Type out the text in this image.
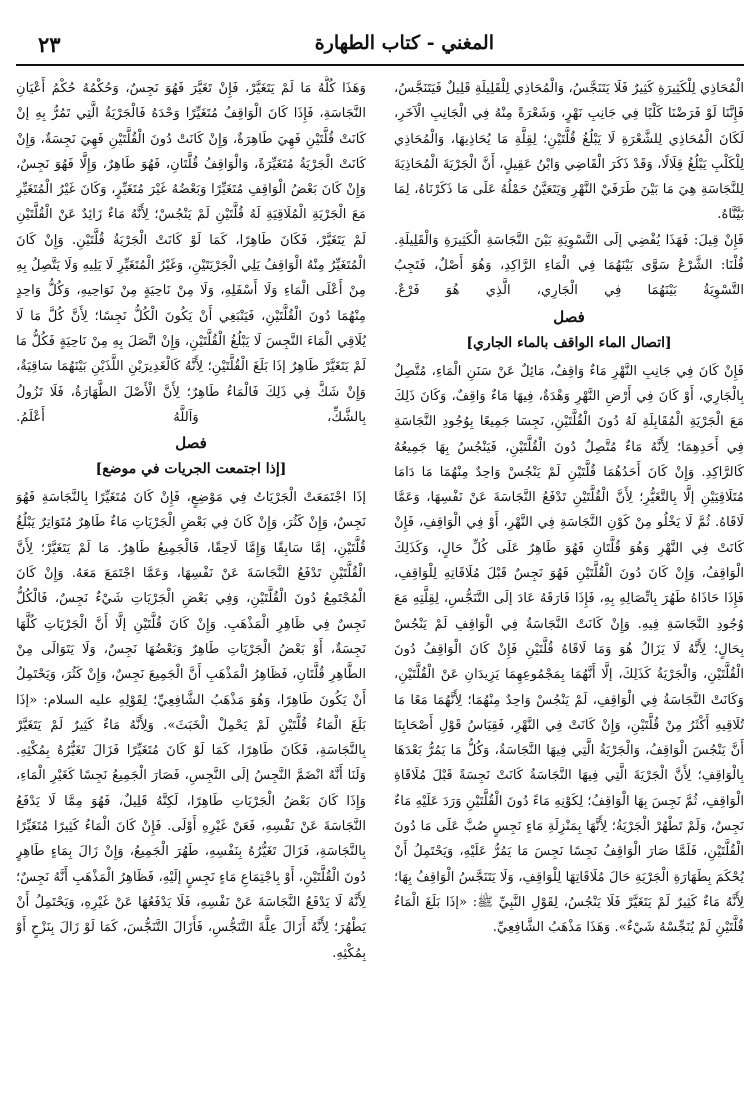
المغني - كتاب الطهارة
٢٣

الْمُحَاذِي لِلْكَثِيرَةِ كَثِيرٌ فَلَا يَتَنَجَّسُ، وَالْمُحَاذِي لِلْقَلِيلَةِ قَلِيلٌ فَيَتَنَجَّسُ، فَإِنَّنَا لَوْ فَرَضْنَا كَلْبًا فِي جَانِبِ نَهْرٍ، وَشَعْرَةً مِنْهُ فِي الْجَانِبِ الْآخَرِ، لَكَانَ الْمُحَاذِي لِلشَّعْرَةِ لَا يَبْلُغُ قُلَّتَيْنِ؛ لِقِلَّةِ مَا يُحَاذِيهَا، وَالْمُحَاذِي لِلْكَلْبِ يَبْلُغُ قِلَالًا، وَقَدْ ذَكَرَ الْقَاضِي وَابْنُ عَقِيلٍ، أَنَّ الْجَرْيَةَ الْمُحَاذِيَةَ لِلنَّجَاسَةِ هِيَ مَا بَيْنَ طَرَفَيْ النَّهْرِ وَيَتَعَيَّنُ حَمْلُهُ عَلَى مَا ذَكَرْنَاهُ، لِمَا بَيَّنَّاهُ.

فَإِنْ قِيلَ: فَهَذَا يُفْضِي إلَى التَّسْوِيَةِ بَيْنَ النَّجَاسَةِ الْكَثِيرَةِ وَالْقَلِيلَةِ. قُلْنَا: الشَّرْعُ سَوَّى بَيْنَهُمَا فِي الْمَاءِ الرَّاكِدِ، وَهُوَ أَصْلٌ، فَتَجِبُ التَّسْوِيَةُ بَيْنَهُمَا فِي الْجَارِي، الَّذِي هُوَ فَرْعٌ.

فصل
[اتصال الماء الواقف بالماء الجاري]

فَإِنْ كَانَ فِي جَانِبِ النَّهْرِ مَاءٌ وَاقِفٌ، مَائِلٌ عَنْ سَنَنِ الْمَاءِ، مُتَّصِلٌ بِالْجَارِي، أَوْ كَانَ فِي أَرْضِ النَّهْرِ وَهْدَةٌ، فِيهَا مَاءٌ وَاقِفٌ، وَكَانَ ذَلِكَ مَعَ الْجَرْيَةِ الْمُقَابِلَةِ لَهُ دُونَ الْقُلَّتَيْنِ، نَجِسَا جَمِيعًا بِوُجُودِ النَّجَاسَةِ فِي أَحَدِهِمَا؛ لِأَنَّهُ مَاءٌ مُتَّصِلٌ دُونَ الْقُلَّتَيْنِ، فَيَنْجُسُ بِهَا جَمِيعُهُ كَالرَّاكِدِ. وَإِنْ كَانَ أَحَدُهُمَا قُلَّتَيْنِ لَمْ يَنْجُسْ وَاحِدٌ مِنْهُمَا مَا دَامَا مُتَلَاقِيَيْنِ إلَّا بِالتَّغَيُّرِ؛ لِأَنَّ الْقُلَّتَيْنِ تَدْفَعُ النَّجَاسَةَ عَنْ نَفْسِهَا، وَعَمَّا لَاقَاهُ. ثُمَّ لَا يَخْلُو مِنْ كَوْنِ النَّجَاسَةِ فِي النَّهْرِ، أَوْ فِي الْوَاقِفِ، فَإِنْ كَانَتْ فِي النَّهْرِ وَهُوَ قُلَّتَانِ فَهُوَ طَاهِرٌ عَلَى كُلِّ حَالٍ، وَكَذَلِكَ الْوَاقِفُ، وَإِنْ كَانَ دُونَ الْقُلَّتَيْنِ فَهُوَ نَجِسٌ قَبْلَ مُلَاقَاتِهِ لِلْوَاقِفِ، فَإِذَا حَاذَاهُ طَهُرَ بِاتِّصَالِهِ بِهِ، فَإِذَا فَارَقَهُ عَادَ إلَى التَّنَجُّسِ، لِقِلَّتِهِ مَعَ وُجُودِ النَّجَاسَةِ فِيهِ. وَإِنْ كَانَتْ النَّجَاسَةُ فِي الْوَاقِفِ لَمْ يَنْجُسْ بِحَالٍ؛ لِأَنَّهُ لَا يَزَالُ هُوَ وَمَا لَاقَاهُ قُلَّتَيْنِ فَإِنْ كَانَ الْوَاقِفُ دُونَ الْقُلَّتَيْنِ، وَالْجَرْيَةُ كَذَلِكَ، إلَّا أَنَّهُمَا بِمَجْمُوعِهِمَا يَزِيدَانِ عَنْ الْقُلَّتَيْنِ، وَكَانَتْ النَّجَاسَةُ فِي الْوَاقِفِ، لَمْ يَنْجُسْ وَاحِدٌ مِنْهُمَا؛ لِأَنَّهُمَا مَعًا مَا تُلَاقِيهِ أَكْثَرُ مِنْ قُلَّتَيْنِ، وَإِنْ كَانَتْ فِي النَّهْرِ، فَقِيَاسُ قَوْلِ أَصْحَابِنَا أَنَّ يَنْجُسَ الْوَاقِفُ، وَالْجَرْيَةُ الَّتِي فِيهَا النَّجَاسَةُ، وَكُلُّ مَا يَمُرُّ بَعْدَهَا بِالْوَاقِفِ؛ لِأَنَّ الْجَرْيَةَ الَّتِي فِيهَا النَّجَاسَةُ كَانَتْ نَجِسَةً قَبْلَ مُلَاقَاةِ الْوَاقِفِ، ثُمَّ نَجِسَ بِهَا الْوَاقِفُ؛ لِكَوْنِهِ مَاءً دُونَ الْقُلَّتَيْنِ وَرَدَ عَلَيْهِ مَاءٌ نَجِسٌ، وَلَمْ تَطْهُرْ الْجَرْيَةُ؛ لِأَنَّهَا بِمَنْزِلَةِ مَاءٍ نَجِسٍ صُبَّ عَلَى مَا دُونَ الْقُلَّتَيْنِ، فَلَمَّا صَارَ الْوَاقِفُ نَجِسًا نَجِسَ مَا يَمُرُّ عَلَيْهِ، وَيَحْتَمِلُ أَنْ يُحْكَمَ بِطَهَارَةِ الْجَرْيَةِ حَالَ مُلَاقَاتِهَا لِلْوَاقِفِ، وَلَا يَتَنَجَّسُ الْوَاقِفُ بِهَا؛ لِأَنَّهُ مَاءٌ كَثِيرٌ لَمْ يَتَغَيَّرْ فَلَا يَنْجُسُ، لِقَوْلِ النَّبِيِّ ﷺ: «إذَا بَلَغَ الْمَاءُ قُلَّتَيْنِ لَمْ يُنَجِّسْهُ شَيْءٌ». وَهَذَا مَذْهَبُ الشَّافِعِيِّ.

وَهَذَا كُلُّهُ مَا لَمْ يَتَغَيَّرْ، فَإِنْ تَغَيَّرَ فَهُوَ نَجِسٌ، وَحُكْمُهُ حُكْمُ أَعْيَانِ النَّجَاسَةِ، فَإِذَا كَانَ الْوَاقِفُ مُتَغَيِّرًا وَحْدَهُ فَالْجَرْيَةُ الَّتِي تَمُرُّ بِهِ إنْ كَانَتْ قُلَّتَيْنِ فَهِيَ طَاهِرَةٌ، وَإِنْ كَانَتْ دُونَ الْقُلَّتَيْنِ فَهِيَ نَجِسَةٌ، وَإِنْ كَانَتْ الْجَرْيَةُ مُتَغَيِّرَةً، وَالْوَاقِفُ قُلَّتَانِ، فَهُوَ طَاهِرٌ، وَإِلَّا فَهُوَ نَجِسٌ، وَإِنْ كَانَ بَعْضُ الْوَاقِفِ مُتَغَيِّرًا وَبَعْضُهُ غَيْرَ مُتَغَيِّرٍ، وَكَانَ غَيْرُ الْمُتَغَيِّرِ مَعَ الْجَرْيَةِ الْمُلَاقِيَةِ لَهُ قُلَّتَيْنِ لَمْ يَنْجُسْ؛ لِأَنَّهُ مَاءٌ زَائِدٌ عَنْ الْقُلَّتَيْنِ لَمْ يَتَغَيَّرْ، فَكَانَ طَاهِرًا، كَمَا لَوْ كَانَتْ الْجَرْيَةُ قُلَّتَيْنِ. وَإِنْ كَانَ الْمُتَغَيِّرُ مِنْهُ الْوَاقِفُ يَلِي الْجَرْيَتَيْنِ، وَغَيْرُ الْمُتَغَيِّرِ لَا يَلِيهِ وَلَا يَتَّصِلُ بِهِ مِنْ أَعْلَى الْمَاءِ وَلَا أَسْفَلِهِ، وَلَا مِنْ نَاحِيَةٍ مِنْ نَوَاحِيهِ، وَكُلُّ وَاحِدٍ مِنْهُمَا دُونَ الْقُلَّتَيْنِ، فَيَنْبَغِي أَنْ يَكُونَ الْكُلُّ نَجِسًا؛ لِأَنَّ كُلَّ مَا لَا يُلَاقِي الْمَاءَ النَّجِسَ لَا يَبْلُغُ الْقُلَّتَيْنِ، وَإِنْ اتَّصَلَ بِهِ مِنْ نَاحِيَةٍ فَكُلُّ مَا لَمْ يَتَغَيَّرْ طَاهِرٌ إذَا بَلَغَ الْقُلَّتَيْنِ؛ لِأَنَّهُ كَالْغَدِيرَيْنِ اللَّذَيْنِ بَيْنَهُمَا سَاقِيَةٌ، وَإِنْ شَكَّ فِي ذَلِكَ فَالْمَاءُ طَاهِرٌ؛ لِأَنَّ الْأَصْلَ الطَّهَارَةُ، فَلَا تَزُولُ بِالشَّكِّ، وَاَللَّهُ أَعْلَمُ.

فصل
[إذا اجتمعت الجريات في موضع]

إذَا اجْتَمَعَتْ الْجَرْيَاتُ فِي مَوْضِعٍ، فَإِنْ كَانَ مُتَغَيِّرًا بِالنَّجَاسَةِ فَهُوَ نَجِسٌ، وَإِنْ كَثُرَ، وَإِنْ كَانَ فِي بَعْضِ الْجَرْيَاتِ مَاءٌ طَاهِرٌ مُتَوَاتِرٌ يَبْلُغُ قُلَّتَيْنِ، إمَّا سَابِقًا وَإِمَّا لَاحِقًا، فَالْجَمِيعُ طَاهِرٌ. مَا لَمْ يَتَغَيَّرْ؛ لِأَنَّ الْقُلَّتَيْنِ تَدْفَعُ النَّجَاسَةَ عَنْ نَفْسِهَا، وَعَمَّا اجْتَمَعَ مَعَهُ. وَإِنْ كَانَ الْمُجْتَمِعُ دُونَ الْقُلَّتَيْنِ، وَفِي بَعْضِ الْجَرْيَاتِ شَيْءٌ نَجِسٌ، فَالْكُلُّ نَجِسٌ فِي ظَاهِرِ الْمَذْهَبِ. وَإِنْ كَانَ قُلَّتَيْنِ إلَّا أَنَّ الْجَرْيَاتِ كُلَّهَا نَجِسَةٌ، أَوْ بَعْضُ الْجَرْيَاتِ طَاهِرٌ وَبَعْضُهَا نَجِسٌ، وَلَا يَتَوَالَى مِنْ الطَّاهِرِ قُلَّتَانِ، فَظَاهِرُ الْمَذْهَبِ أَنَّ الْجَمِيعَ نَجِسٌ، وَإِنْ كَثُرَ، وَيَحْتَمِلُ أَنْ يَكُونَ طَاهِرًا، وَهُوَ مَذْهَبُ الشَّافِعِيِّ؛ لِقَوْلِهِ عليه السلام: «إذَا بَلَغَ الْمَاءُ قُلَّتَيْنِ لَمْ يَحْمِلْ الْخَبَثَ». وَلِأَنَّهُ مَاءٌ كَثِيرٌ لَمْ يَتَغَيَّرْ بِالنَّجَاسَةِ، فَكَانَ طَاهِرًا، كَمَا لَوْ كَانَ مُتَغَيِّرًا فَزَالَ تَغَيُّرُهُ بِمُكْثِهِ.

وَلَنَا أَنَّهُ انْضَمَّ النَّجِسُ إلَى النَّجِسِ، فَصَارَ الْجَمِيعُ نَجِسًا كَغَيْرِ الْمَاءِ، وَإِذَا كَانَ بَعْضُ الْجَرْيَاتِ طَاهِرًا، لَكِنَّهُ قَلِيلٌ، فَهُوَ مِمَّا لَا يَدْفَعُ النَّجَاسَةَ عَنْ نَفْسِهِ، فَعَنْ غَيْرِهِ أَوْلَى. فَإِنْ كَانَ الْمَاءُ كَثِيرًا مُتَغَيِّرًا بِالنَّجَاسَةِ، فَزَالَ تَغَيُّرُهُ بِنَفْسِهِ، طَهُرَ الْجَمِيعُ، وَإِنْ زَالَ بِمَاءٍ طَاهِرٍ دُونَ الْقُلَّتَيْنِ، أَوْ بِاجْتِمَاعِ مَاءٍ نَجِسٍ إلَيْهِ، فَظَاهِرُ الْمَذْهَبِ أَنَّهُ نَجِسٌ؛ لِأَنَّهُ لَا يَدْفَعُ النَّجَاسَةَ عَنْ نَفْسِهِ، فَلَا يَدْفَعُهَا عَنْ غَيْرِهِ، وَيَحْتَمِلُ أَنْ يَطْهُرَ؛ لِأَنَّهُ أَزَالَ عِلَّةَ التَّنَجُّسِ، فَأَزَالَ التَّنَجُّسَ، كَمَا لَوْ زَالَ بِنَزْحٍ أَوْ بِمُكْثِهِ.
